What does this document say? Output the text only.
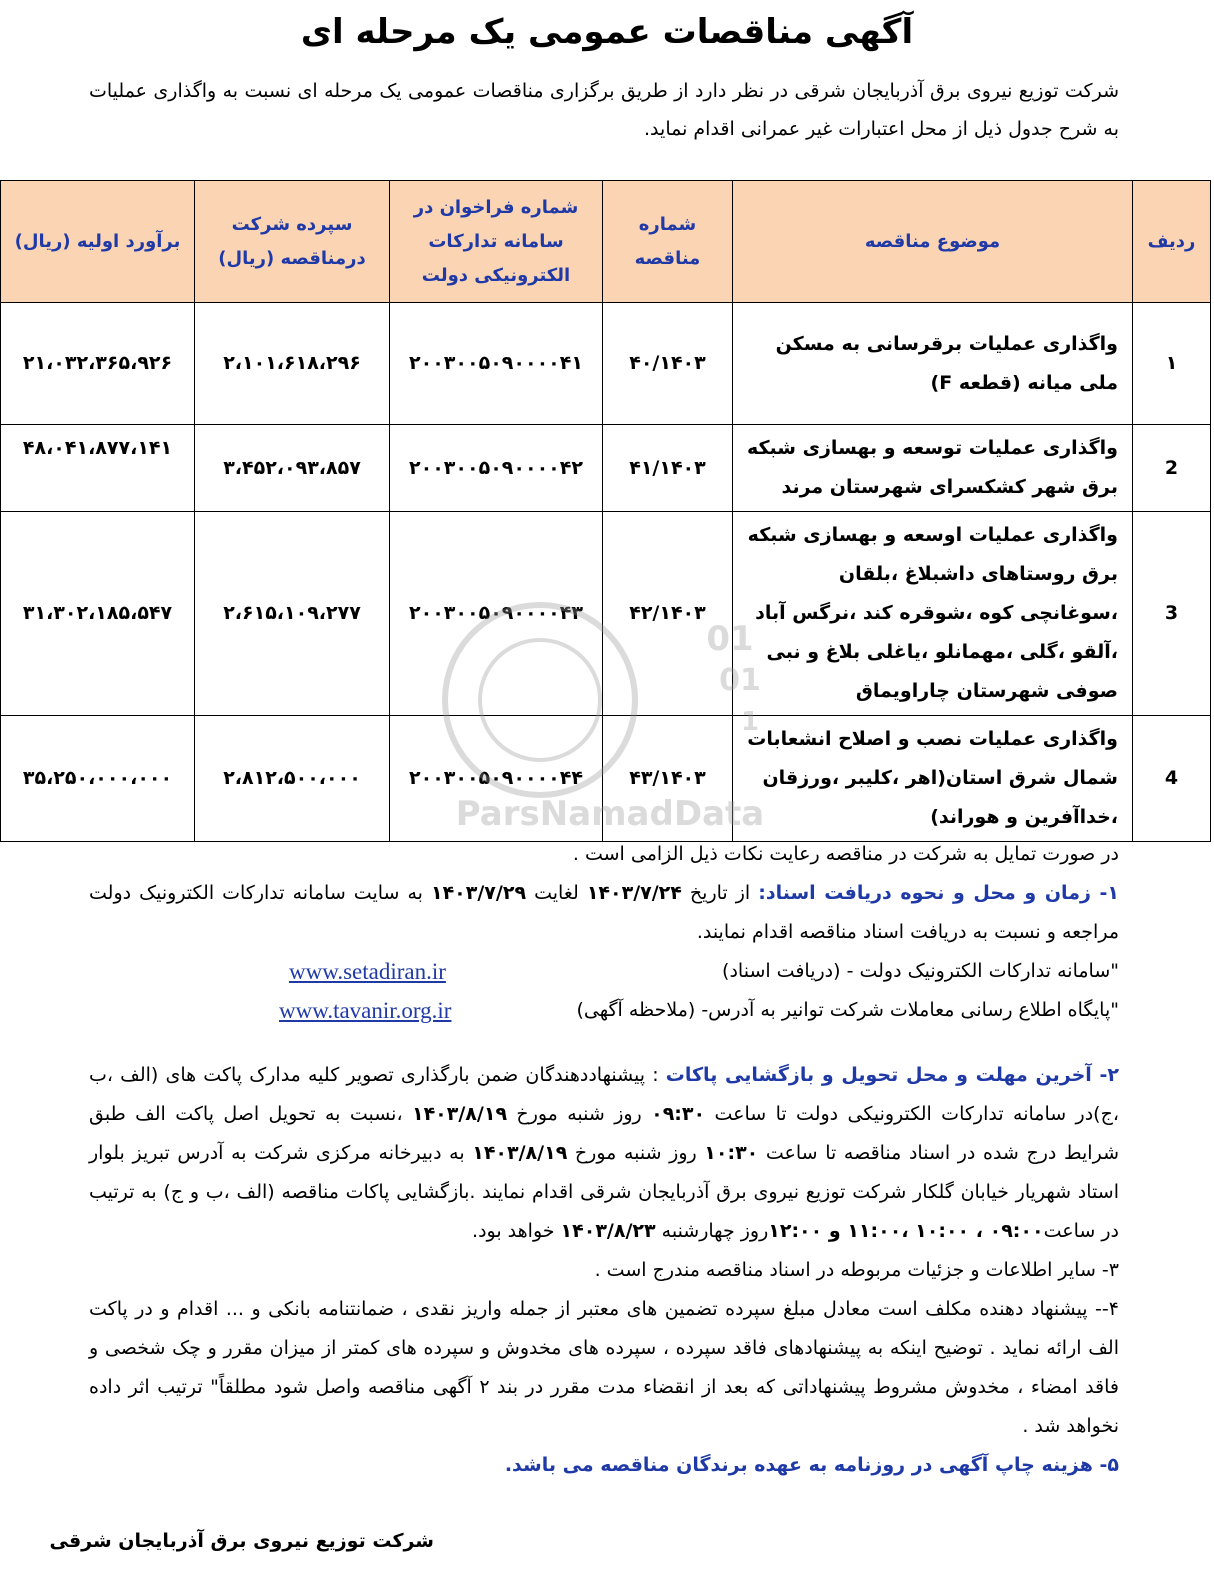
آگهی مناقصات عمومی یک مرحله ای

شرکت توزیع نیروی برق آذربایجان شرقی در نظر دارد از طریق برگزاری مناقصات عمومی یک مرحله ای نسبت به واگذاری عملیات به شرح جدول ذیل از محل اعتبارات غیر عمرانی اقدام نماید.

ردیف	موضوع مناقصه	شماره مناقصه	شماره فراخوان در سامانه تدارکات الکترونیکی دولت	سپرده شرکت درمناقصه (ریال)	برآورد اولیه (ریال)
۱	واگذاری عملیات برقرسانی به مسکن ملی میانه (قطعه F)	۴۰/۱۴۰۳	۲۰۰۳۰۰۵۰۹۰۰۰۰۴۱	۲،۱۰۱،۶۱۸،۲۹۶	۲۱،۰۳۲،۳۶۵،۹۲۶
2	واگذاری عملیات توسعه و بهسازی شبکه برق شهر کشکسرای شهرستان مرند	۴۱/۱۴۰۳	۲۰۰۳۰۰۵۰۹۰۰۰۰۴۲	۳،۴۵۲،۰۹۳،۸۵۷	۴۸،۰۴۱،۸۷۷،۱۴۱
3	واگذاری عملیات اوسعه و بهسازی شبکه برق روستاهای داشبلاغ ،بلقان ،سوغانچی کوه ،شوقره کند ،نرگس آباد ،آلقو ،گلی ،مهمانلو ،یاغلی بلاغ و نبی صوفی شهرستان چاراویماق	۴۲/۱۴۰۳	۲۰۰۳۰۰۵۰۹۰۰۰۰۴۳	۲،۶۱۵،۱۰۹،۲۷۷	۳۱،۳۰۲،۱۸۵،۵۴۷
4	واگذاری عملیات نصب و اصلاح انشعابات شمال شرق استان(اهر ،کلیبر ،ورزقان ،خداآفرین و هوراند)	۴۳/۱۴۰۳	۲۰۰۳۰۰۵۰۹۰۰۰۰۴۴	۲،۸۱۲،۵۰۰،۰۰۰	۳۵،۲۵۰،۰۰۰،۰۰۰
01
01
1
ParsNamadData

در صورت تمایل به شرکت در مناقصه رعایت نکات ذیل الزامی است .

۱- زمان و محل و نحوه دریافت اسناد: از تاریخ ۱۴۰۳/۷/۲۴ لغایت ۱۴۰۳/۷/۲۹ به سایت سامانه تدارکات الکترونیک دولت مراجعه و نسبت به دریافت اسناد مناقصه اقدام نمایند.

"سامانه تدارکات الکترونیک دولت - (دریافت اسناد)
www.setadiran.ir
"پایگاه اطلاع رسانی معاملات شرکت توانیر به آدرس- (ملاحظه آگهی)
www.tavanir.org.ir

۲- آخرین مهلت و محل تحویل و بازگشایی پاکات : پیشنهاددهندگان ضمن بارگذاری تصویر کلیه مدارک پاکت های (الف ،ب ،ج)در سامانه تدارکات الکترونیکی دولت تا ساعت ۰۹:۳۰ روز شنبه مورخ ۱۴۰۳/۸/۱۹ ،نسبت به تحویل اصل پاکت الف طبق شرایط درج شده در اسناد مناقصه تا ساعت ۱۰:۳۰ روز شنبه مورخ ۱۴۰۳/۸/۱۹ به دبیرخانه مرکزی شرکت به آدرس تبریز بلوار استاد شهریار خیابان گلکار شرکت توزیع نیروی برق آذربایجان شرقی اقدام نمایند .بازگشایی پاکات مناقصه (الف ،ب و ج) به ترتیب در ساعت۰۹:۰۰ ، ۱۰:۰۰ ،۱۱:۰۰ و ۱۲:۰۰روز چهارشنبه ۱۴۰۳/۸/۲۳ خواهد بود.

۳- سایر اطلاعات و جزئیات مربوطه در اسناد مناقصه مندرج است .

۴-- پیشنهاد دهنده مکلف است معادل مبلغ سپرده تضمین های معتبر از جمله واریز نقدی ، ضمانتنامه بانکی و ... اقدام و در پاکت الف ارائه نماید . توضیح اینکه به پیشنهادهای فاقد سپرده ، سپرده های مخدوش و سپرده های کمتر از میزان مقرر و چک شخصی و فاقد امضاء ، مخدوش مشروط پیشنهاداتی که بعد از انقضاء مدت مقرر در بند ۲ آگهی مناقصه واصل شود مطلقاً" ترتیب اثر داده نخواهد شد .

۵- هزینه چاپ آگهی در روزنامه به عهده برندگان مناقصه می باشد.

شرکت توزیع نیروی برق آذربایجان شرقی
